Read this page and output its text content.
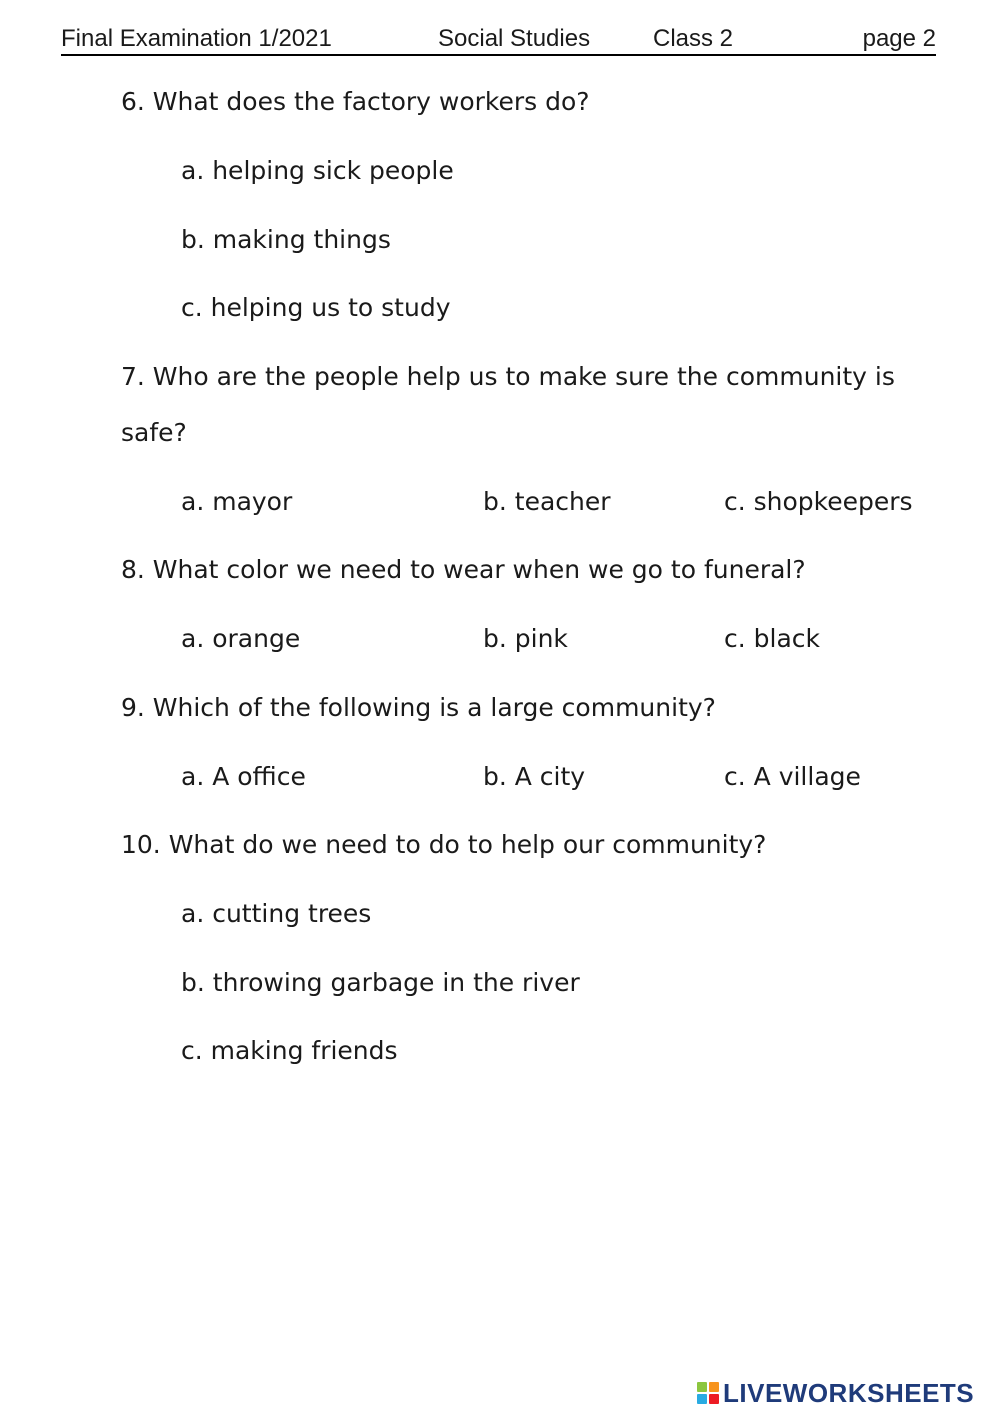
Final Examination 1/2021	Social Studies	Class 2	page 2

6. What does the factory workers do?

a. helping sick people

b. making things

c. helping us to study

7. Who are the people help us to make sure the community is

safe?

a. mayor	b. teacher	c. shopkeepers

8. What color we need to wear when we go to funeral?

a. orange	b. pink	c. black

9. Which of the following is a large community?

a. A office	b. A city	c. A village

10. What do we need to do to help our community?

a. cutting trees

b. throwing garbage in the river

c. making friends

LIVEWORKSHEETS
